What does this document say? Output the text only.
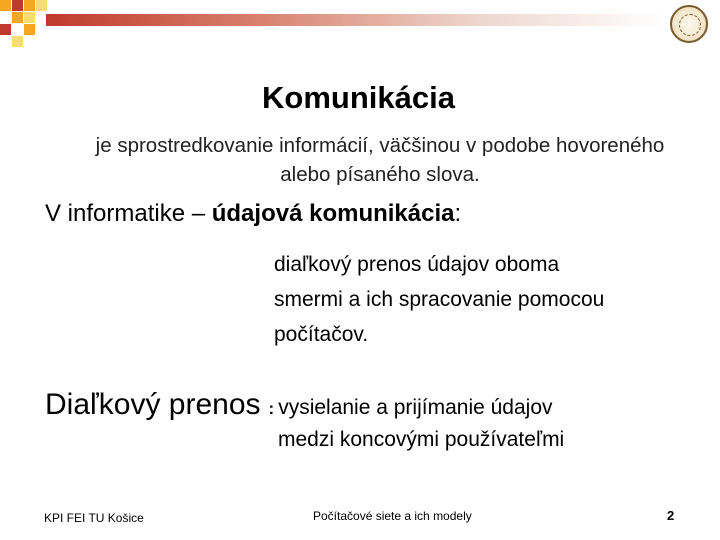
Komunikácia
je sprostredkovanie informácií, väčšinou v podobe hovoreného
alebo písaného slova.
V informatike – údajová komunikácia:

diaľkový prenos údajov oboma

smermi a ich spracovanie pomocou

počítačov.

Diaľkový prenos : vysielanie a prijímanie údajov
medzi koncovými používateľmi
KPI FEI TU Košice	Počítačové siete a ich modely	2
